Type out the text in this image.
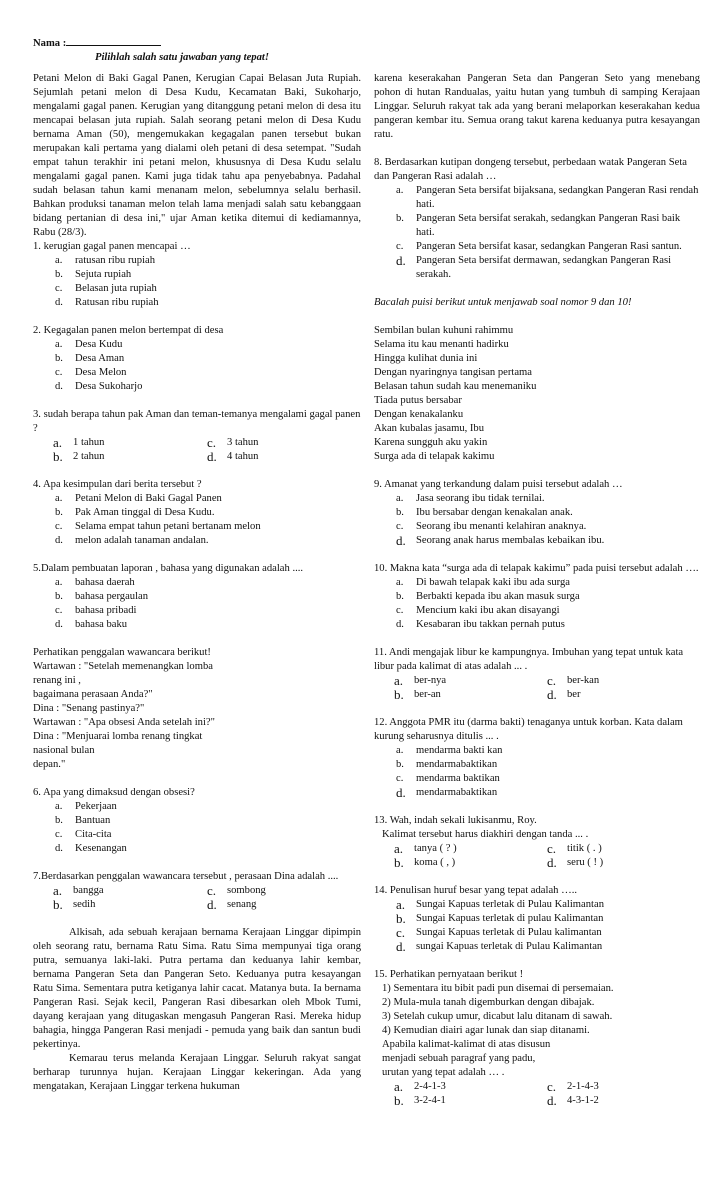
Nama :
Pilihlah salah satu jawaban yang tepat!

Petani Melon di Baki Gagal Panen, Kerugian Capai Belasan Juta Rupiah. Sejumlah petani melon di Desa Kudu, Kecamatan Baki, Sukoharjo, mengalami gagal panen. Kerugian yang ditanggung petani melon di desa itu mencapai belasan juta rupiah. Salah seorang petani melon di Desa Kudu bernama Aman (50), mengemukakan kegagalan panen tersebut bukan merupakan kali pertama yang dialami oleh petani di desa setempat. "Sudah empat tahun terakhir ini petani melon, khususnya di Desa Kudu selalu mengalami gagal panen. Kami juga tidak tahu apa penyebabnya. Padahal sudah belasan tahun kami menanam melon, sebelumnya selalu berhasil. Bahkan produksi tanaman melon telah lama menjadi salah satu kebanggaan bidang pertanian di desa ini," ujar Aman ketika ditemui di kediamannya, Rabu (28/3).

1. kerugian gagal panen mencapai …

a.	ratusan ribu rupiah
b.	Sejuta rupiah
c.	Belasan juta rupiah
d.	Ratusan ribu rupiah

2. Kegagalan panen melon bertempat di desa

a.	Desa Kudu
b.	Desa Aman
c.	Desa Melon
d.	Desa Sukoharjo

3. sudah berapa tahun pak Aman dan teman-temanya mengalami gagal panen ?

a.	1 tahun	c.	3 tahun
b. 2 tahun	d. 4 tahun

4. Apa kesimpulan dari berita tersebut ?

a.	Petani Melon di Baki Gagal Panen
b.	Pak Aman tinggal di Desa Kudu.
c.	Selama empat tahun petani bertanam melon
d.	melon adalah tanaman andalan.

5.Dalam pembuatan laporan , bahasa yang digunakan adalah ....

a.	bahasa daerah
b.	bahasa pergaulan
c.	bahasa pribadi
d.	bahasa baku

Perhatikan penggalan wawancara berikut!

Wartawan : "Setelah memenangkan lomba

renang ini ,

bagaimana perasaan Anda?"

Dina : "Senang pastinya?"

Wartawan : "Apa obsesi Anda setelah ini?"

Dina : "Menjuarai lomba renang tingkat

nasional bulan

depan."

6. Apa yang dimaksud dengan obsesi?

a.	Pekerjaan
b.	Bantuan
c.	Cita-cita
d.	Kesenangan

7.Berdasarkan penggalan wawancara tersebut , perasaan Dina adalah ....

a.	bangga	c.	sombong
b. sedih	d. senang

Alkisah, ada sebuah kerajaan bernama Kerajaan Linggar dipimpin oleh seorang ratu, bernama Ratu Sima. Ratu Sima mempunyai tiga orang putra, semuanya laki-laki. Putra pertama dan keduanya lahir kembar, bernama Pangeran Seta dan Pangeran Seto. Keduanya putra kesayangan Ratu Sima. Sementara putra ketiganya lahir cacat. Matanya buta. Ia bernama Pangeran Rasi. Sejak kecil, Pangeran Rasi dibesarkan oleh Mbok Tumi, dayang kerajaan yang ditugaskan mengasuh Pangeran Rasi. Mereka hidup bahagia, hingga Pangeran Rasi menjadi - pemuda yang baik dan santun budi pekertinya.

Kemarau terus melanda Kerajaan Linggar. Seluruh rakyat sangat berharap turunnya hujan. Kerajaan Linggar kekeringan. Ada yang mengatakan, Kerajaan Linggar terkena hukuman

karena keserakahan Pangeran Seta dan Pangeran Seto yang menebang pohon di hutan Randualas, yaitu hutan yang tumbuh di samping Kerajaan Linggar. Seluruh rakyat tak ada yang berani melaporkan keserakahan kedua pangeran kembar itu. Semua orang takut karena keduanya putra kesayangan ratu.

8. Berdasarkan kutipan dongeng tersebut, perbedaan watak Pangeran Seta dan Pangeran Rasi adalah …

a.	Pangeran Seta bersifat bijaksana, sedangkan Pangeran Rasi rendah hati.
b.	Pangeran Seta bersifat serakah, sedangkan Pangeran Rasi baik hati.
c.	Pangeran Seta bersifat kasar, sedangkan Pangeran Rasi santun.
d. Pangeran Seta bersifat dermawan, sedangkan Pangeran Rasi serakah.

Bacalah puisi berikut untuk menjawab soal nomor 9 dan 10!

Sembilan bulan kuhuni rahimmu

Selama itu kau menanti hadirku

Hingga kulihat dunia ini

Dengan nyaringnya tangisan pertama

Belasan tahun sudah kau menemaniku

Tiada putus bersabar

Dengan kenakalanku

Akan kubalas jasamu, Ibu

Karena sungguh aku yakin

Surga ada di telapak kakimu

9. Amanat yang terkandung dalam puisi tersebut adalah …

a.	Jasa seorang ibu tidak ternilai.
b.	Ibu bersabar dengan kenakalan anak.
c.	Seorang ibu menanti kelahiran anaknya.
d. Seorang anak harus membalas kebaikan ibu.

10. Makna kata “surga ada di telapak kakimu” pada puisi tersebut adalah ….

a.	Di bawah telapak kaki ibu ada surga
b.	Berbakti kepada ibu akan masuk surga
c.	Mencium kaki ibu akan disayangi
d.	Kesabaran ibu takkan pernah putus

11. Andi mengajak libur ke kampungnya. Imbuhan yang tepat untuk kata libur pada kalimat di atas adalah ... .

a.	ber-nya	c.	ber-kan
b. ber-an	d. ber

12. Anggota PMR itu (darma bakti) tenaganya untuk korban. Kata dalam kurung seharusnya ditulis ... .

a.	mendarma bakti kan
b.	mendarmabaktikan
c.	mendarma baktikan
d. mendarmabaktikan

13. Wah, indah sekali lukisanmu, Roy.

Kalimat tersebut harus diakhiri dengan tanda ... .

a.	tanya ( ? )	c.	titik ( . )
b. koma ( , )	d. seru ( ! )

14. Penulisan huruf besar yang tepat adalah …..

a.	Sungai Kapuas terletak di Pulau Kalimantan
b. Sungai Kapuas terletak di pulau Kalimantan
c.	Sungai Kapuas terletak di Pulau kalimantan
d. sungai Kapuas terletak di Pulau Kalimantan

15. Perhatikan pernyataan berikut !

1) Sementara itu bibit padi pun disemai di persemaian.

2) Mula-mula tanah digemburkan dengan dibajak.

3) Setelah cukup umur, dicabut lalu ditanam di sawah.

4) Kemudian diairi agar lunak dan siap ditanami.

Apabila kalimat-kalimat di atas disusun

menjadi sebuah paragraf yang padu,

urutan yang tepat adalah … .

a.	2-4-1-3	c.	2-1-4-3
b. 3-2-4-1	d. 4-3-1-2
